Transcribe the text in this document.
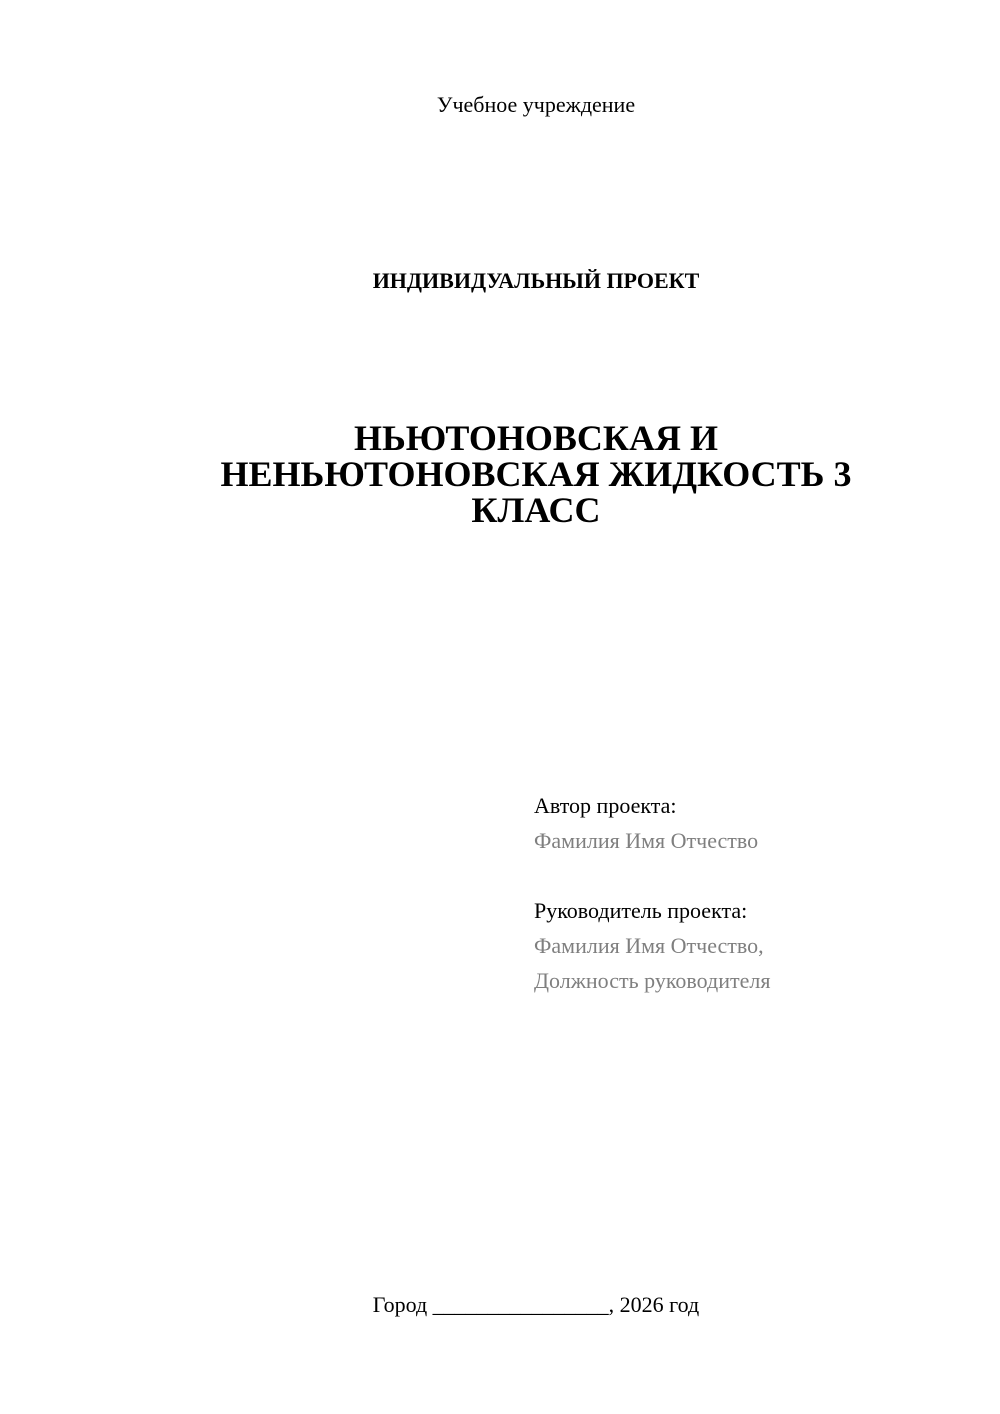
Учебное учреждение
ИНДИВИДУАЛЬНЫЙ ПРОЕКТ
НЬЮТОНОВСКАЯ И
НЕНЬЮТОНОВСКАЯ ЖИДКОСТЬ 3
КЛАСС
Автор проекта:
Фамилия Имя Отчество
Руководитель проекта:
Фамилия Имя Отчество,
Должность руководителя
Город ________________, 2026 год
